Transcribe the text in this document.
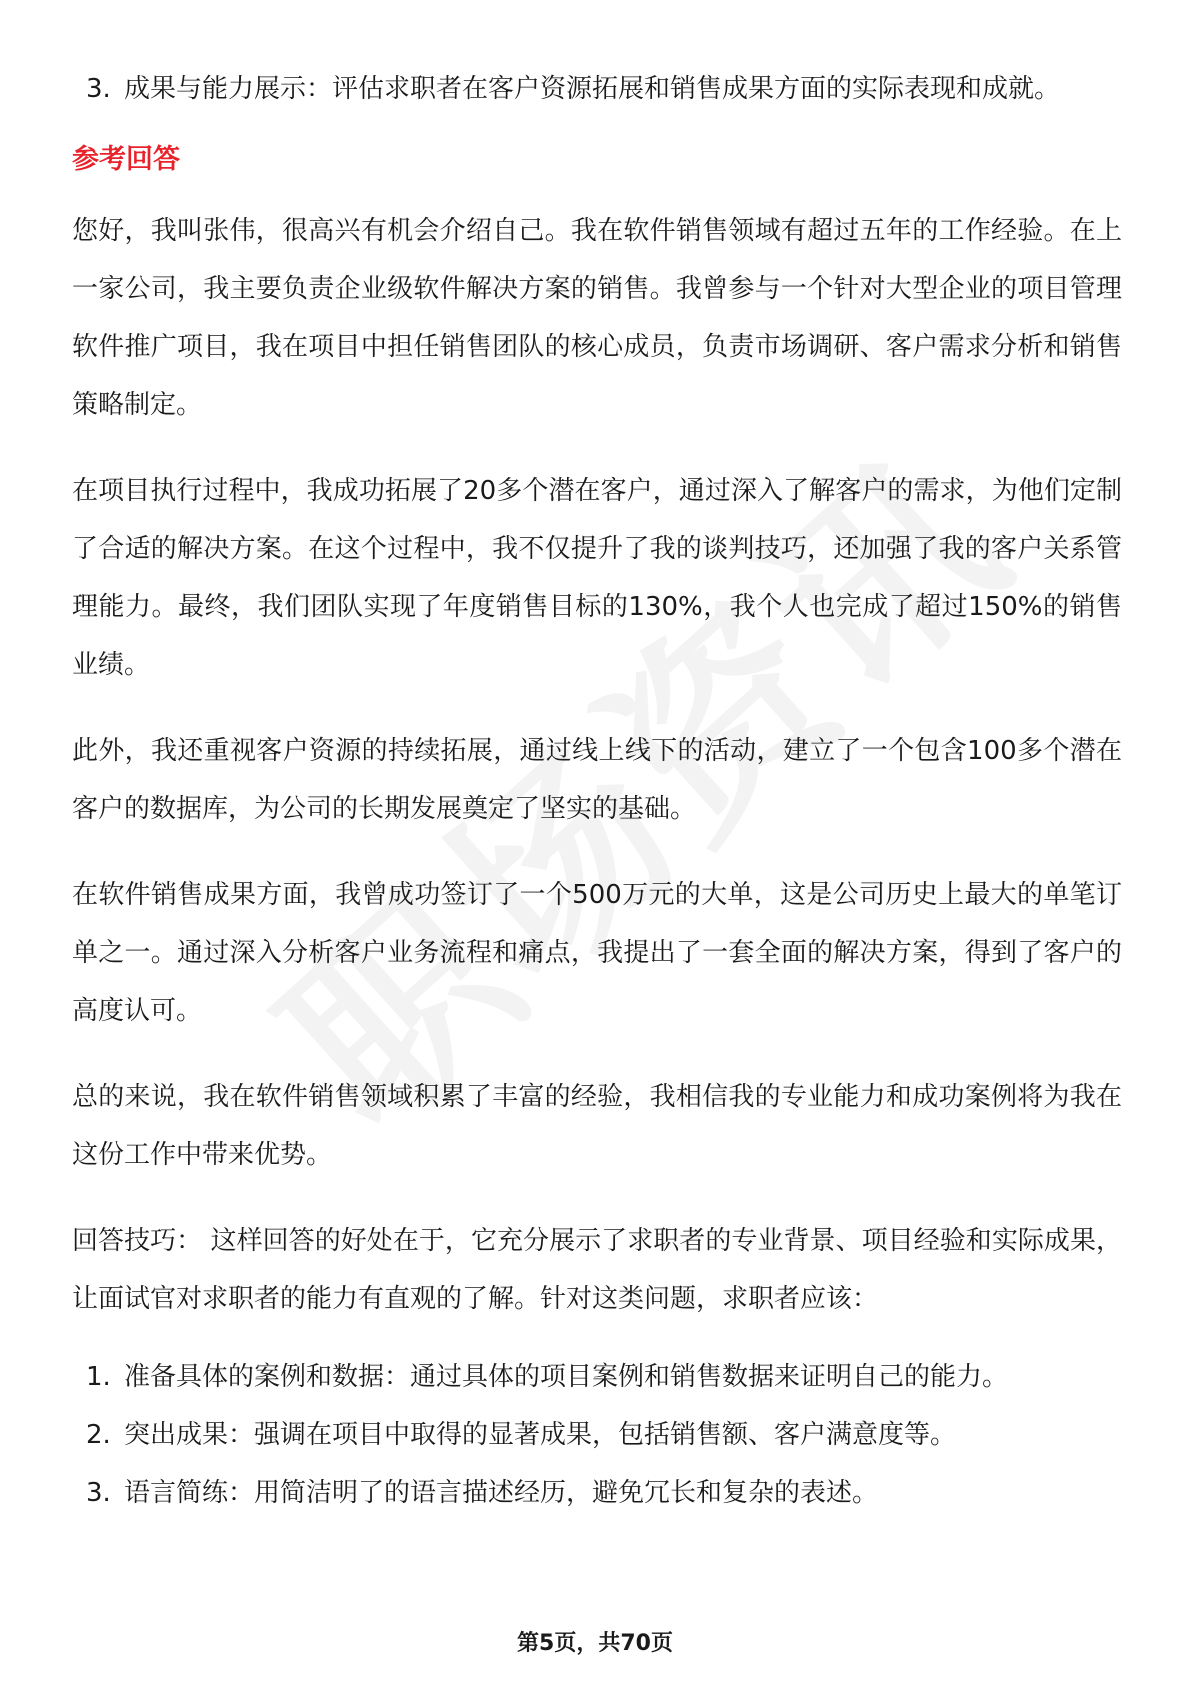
3. 成果与能力展示：评估求职者在客户资源拓展和销售成果方面的实际表现和成就。
参考回答

您好，我叫张伟，很高兴有机会介绍自己。我在软件销售领域有超过五年的工作经验。在上一家公司，我主要负责企业级软件解决方案的销售。我曾参与一个针对大型企业的项目管理软件推广项目，我在项目中担任销售团队的核心成员，负责市场调研、客户需求分析和销售策略制定。

在项目执行过程中，我成功拓展了20多个潜在客户，通过深入了解客户的需求，为他们定制了合适的解决方案。在这个过程中，我不仅提升了我的谈判技巧，还加强了我的客户关系管理能力。最终，我们团队实现了年度销售目标的130%，我个人也完成了超过150%的销售业绩。

此外，我还重视客户资源的持续拓展，通过线上线下的活动，建立了一个包含100多个潜在客户的数据库，为公司的长期发展奠定了坚实的基础。

在软件销售成果方面，我曾成功签订了一个500万元的大单，这是公司历史上最大的单笔订单之一。通过深入分析客户业务流程和痛点，我提出了一套全面的解决方案，得到了客户的高度认可。

总的来说，我在软件销售领域积累了丰富的经验，我相信我的专业能力和成功案例将为我在这份工作中带来优势。

回答技巧： 这样回答的好处在于，它充分展示了求职者的专业背景、项目经验和实际成果，让面试官对求职者的能力有直观的了解。针对这类问题，求职者应该：

1. 准备具体的案例和数据：通过具体的项目案例和销售数据来证明自己的能力。
2. 突出成果：强调在项目中取得的显著成果，包括销售额、客户满意度等。
3. 语言简练：用简洁明了的语言描述经历，避免冗长和复杂的表述。
第5页，共70页
